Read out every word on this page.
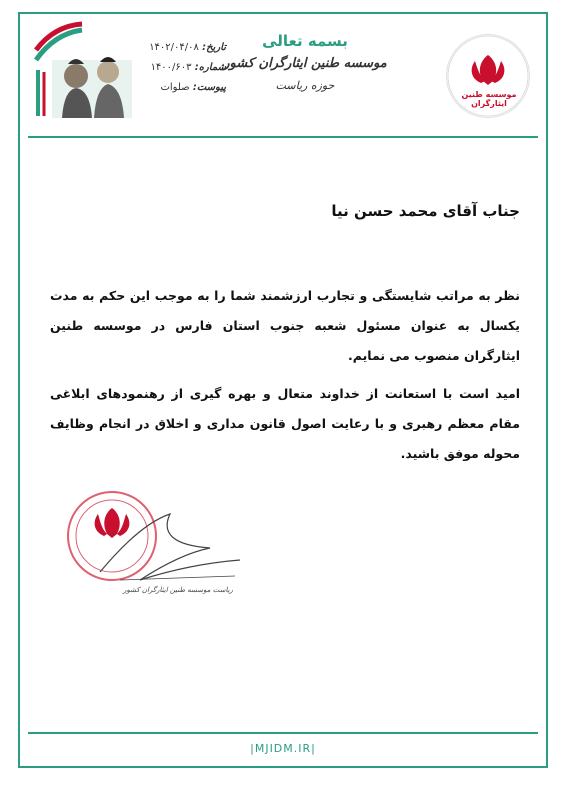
موسسه طنین ایثارگران
بسمه تعالی
موسسه طنین ایثارگران کشور
حوزه ریاست
تاریخ: ۱۴۰۲/۰۴/۰۸
شماره: ۱۴۰۰/۶۰۳
پیوست: صلوات
جناب آقای محمد حسن نیا
نظر به مراتب شایستگی و تجارب ارزشمند شما را به موجب این حکم به مدت یکسال به عنوان مسئول شعبه جنوب استان فارس در موسسه طنین ایثارگران منصوب می نمایم.
امید است با استعانت از خداوند متعال و بهره گیری از رهنمودهای ابلاغی مقام معظم رهبری و با رعایت اصول قانون مداری و اخلاق در انجام وظایف محوله موفق باشید.
ریاست موسسه طنین ایثارگران کشور
|MJIDM.IR|
